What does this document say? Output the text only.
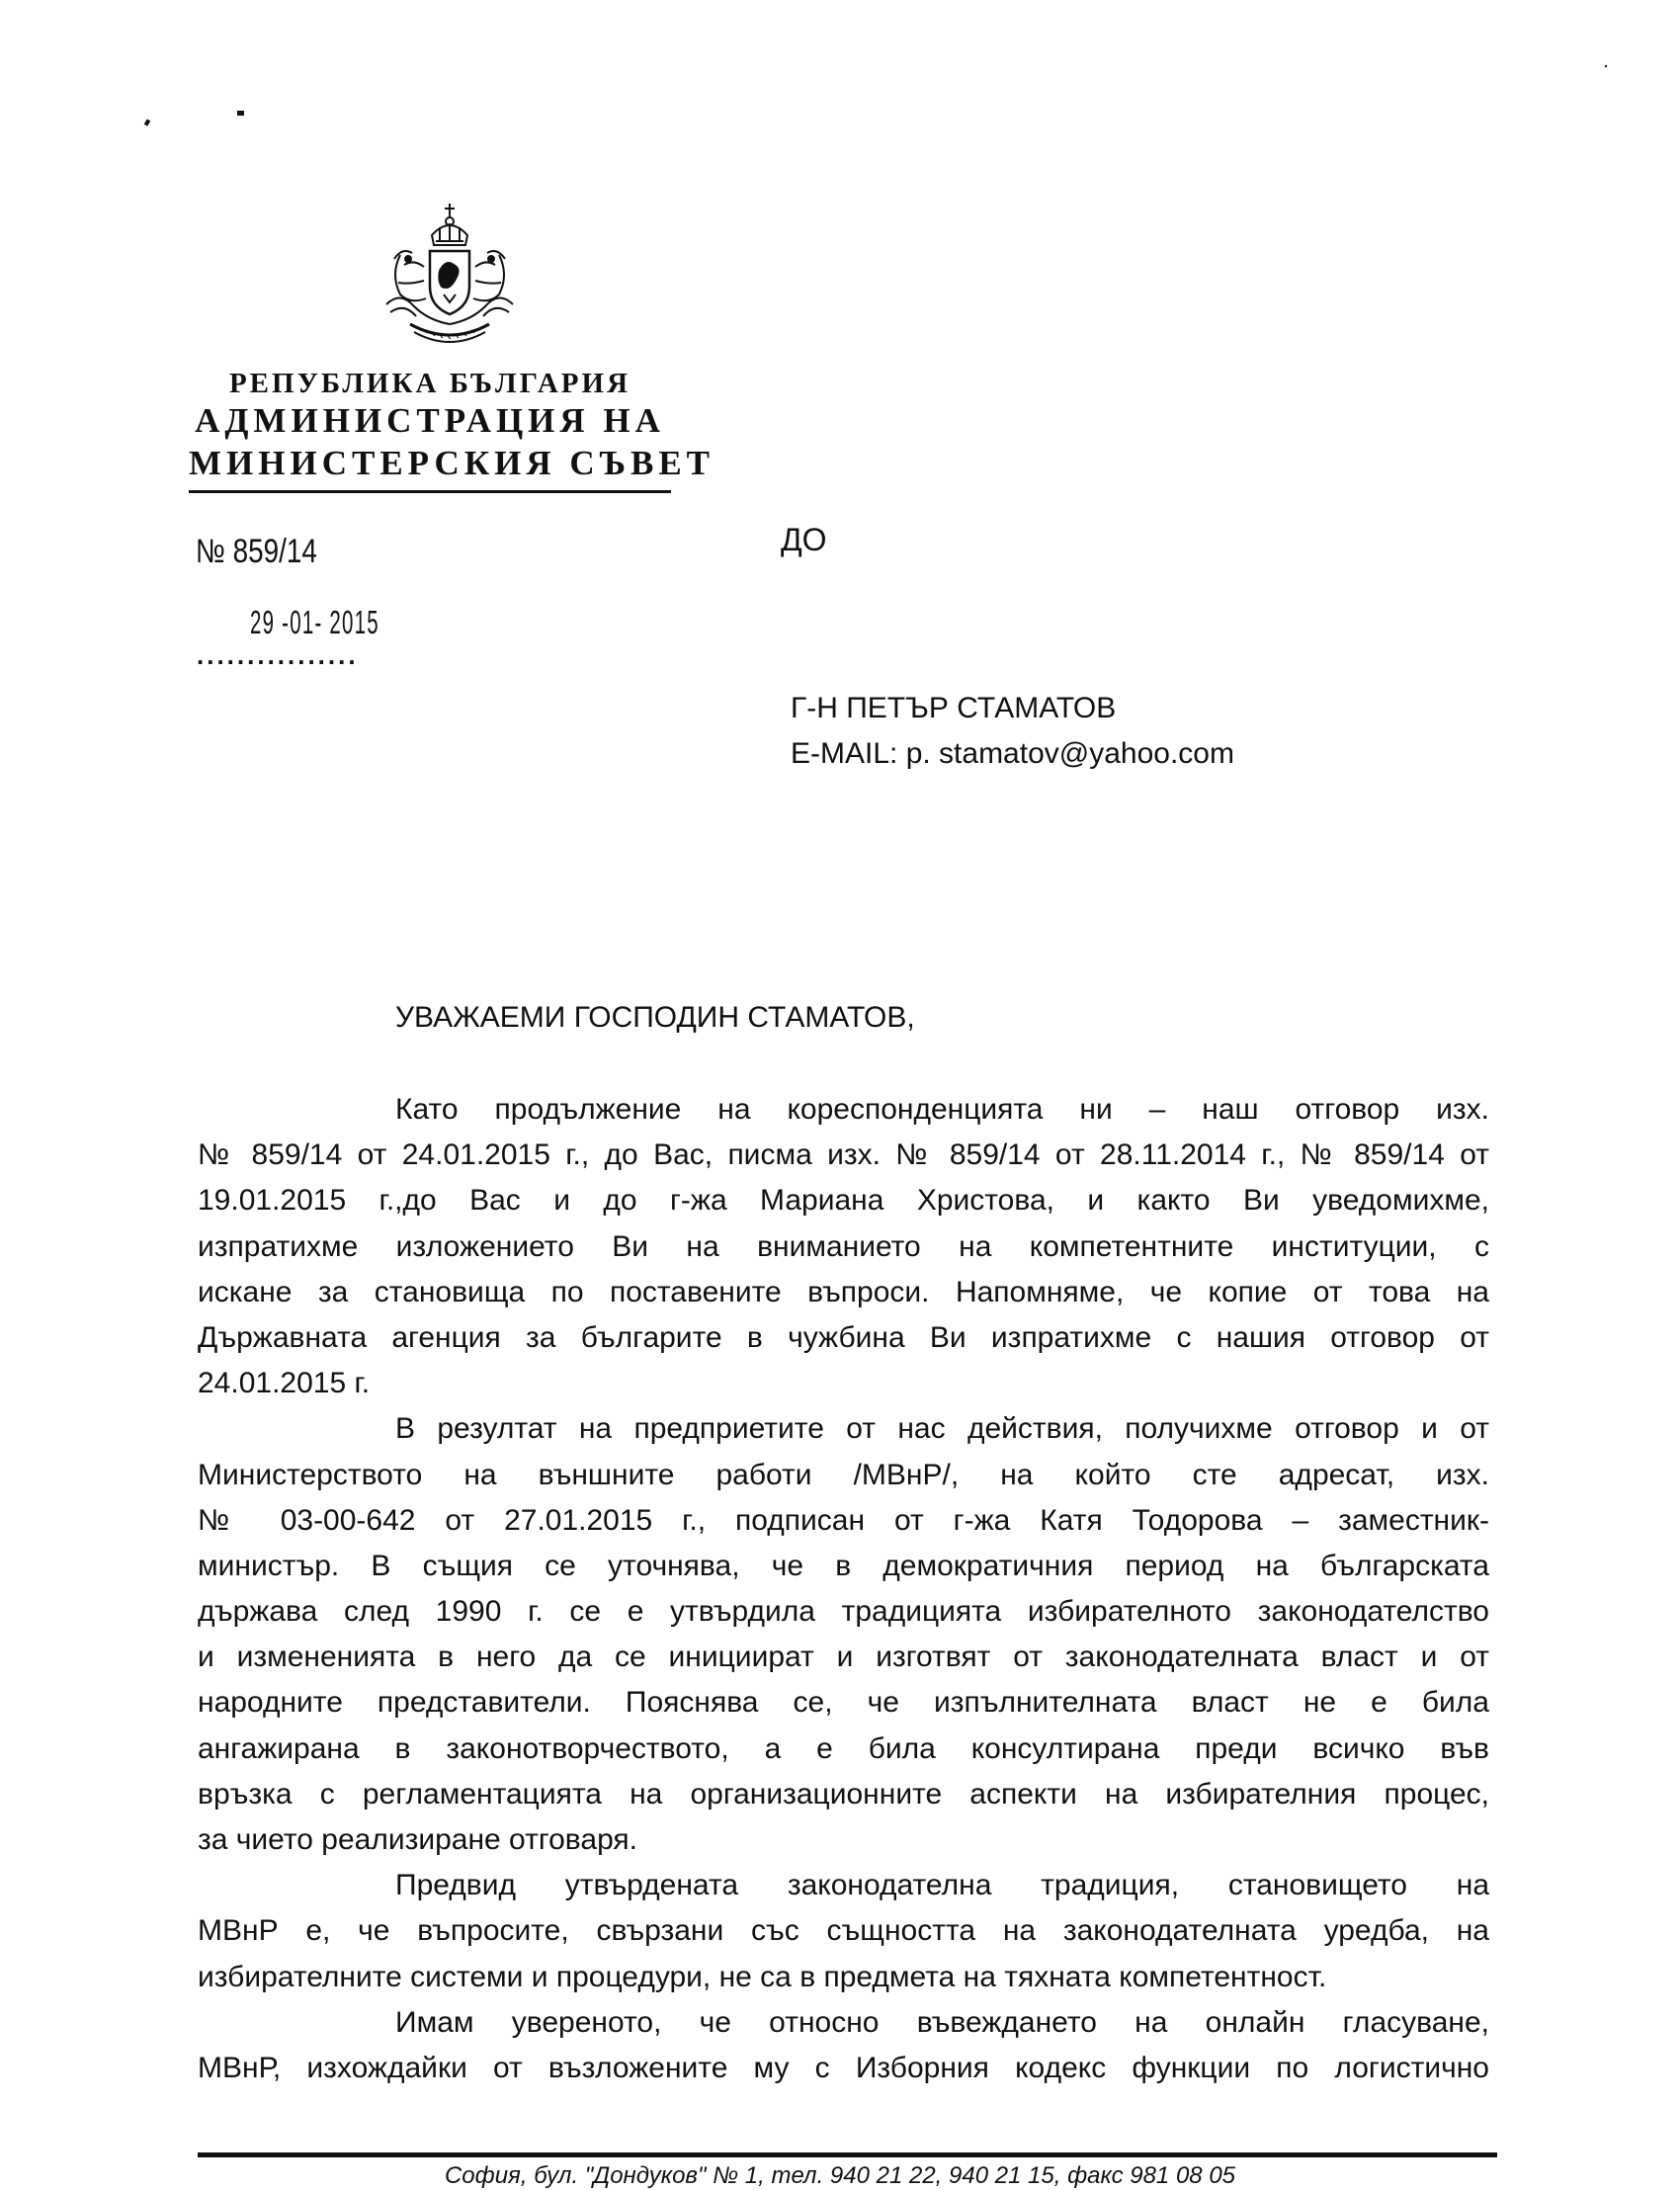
РЕПУБЛИКА БЪЛГАРИЯ
АДМИНИСТРАЦИЯ НА
МИНИСТЕРСКИЯ СЪВЕТ
№ 859/14
29 -01- 2015
................
ДО
Г-Н ПЕТЪР СТАМАТОВ
E-MAIL: p. stamatov@yahoo.com
УВАЖАЕМИ ГОСПОДИН СТАМАТОВ,
Като продължение на кореспонденцията ни – наш отговор изх.
№ 859/14 от 24.01.2015 г., до Вас, писма изх. № 859/14 от 28.11.2014 г., № 859/14 от
19.01.2015 г.,до Вас и до г-жа Мариана Христова, и както Ви уведомихме,
изпратихме изложението Ви на вниманието на компетентните институции, с
искане за становища по поставените въпроси. Напомняме, че копие от това на
Държавната агенция за българите в чужбина Ви изпратихме с нашия отговор от
24.01.2015 г.
В резултат на предприетите от нас действия, получихме отговор и от
Министерството на външните работи /МВнР/, на който сте адресат, изх.
№ 03-00-642 от 27.01.2015 г., подписан от г-жа Катя Тодорова – заместник-
министър. В същия се уточнява, че в демократичния период на българската
държава след 1990 г. се е утвърдила традицията избирателното законодателство
и измененията в него да се инициират и изготвят от законодателната власт и от
народните представители. Пояснява се, че изпълнителната власт не е била
ангажирана в законотворчеството, а е била консултирана преди всичко във
връзка с регламентацията на организационните аспекти на избирателния процес,
за чието реализиране отговаря.
Предвид утвърдената законодателна традиция, становището на
МВнР е, че въпросите, свързани със същността на законодателната уредба, на
избирателните системи и процедури, не са в предмета на тяхната компетентност.
Имам увереното, че относно въвеждането на онлайн гласуване,
МВнР, изхождайки от възложените му с Изборния кодекс функции по логистично
София, бул. "Дондуков" № 1, тел. 940 21 22, 940 21 15, факс 981 08 05
